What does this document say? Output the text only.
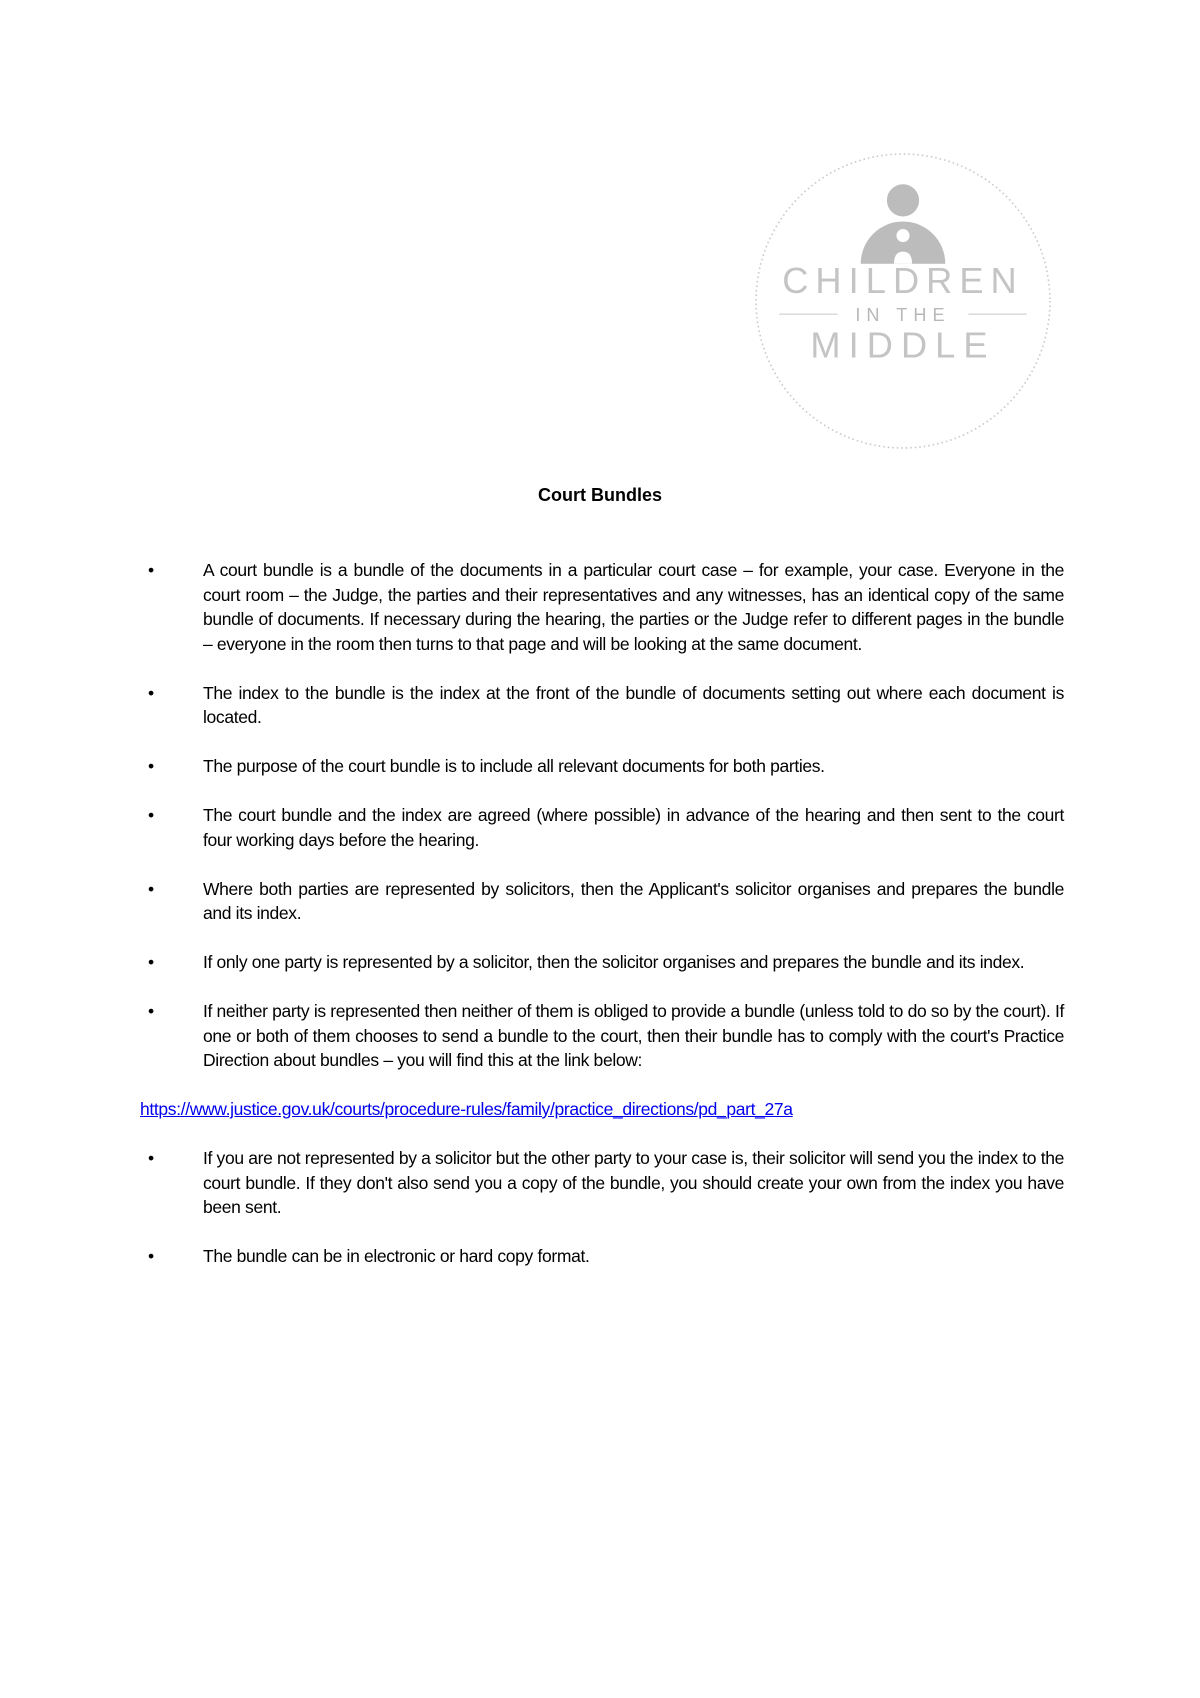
CHILDREN
IN THE
MIDDLE
Court Bundles
•	A court bundle is a bundle of the documents in a particular court case – for example, your case. Everyone in the court room – the Judge, the parties and their representatives and any witnesses, has an identical copy of the same bundle of documents. If necessary during the hearing, the parties or the Judge refer to different pages in the bundle – everyone in the room then turns to that page and will be looking at the same document.
•	The index to the bundle is the index at the front of the bundle of documents setting out where each document is located.
•	The purpose of the court bundle is to include all relevant documents for both parties.
•	The court bundle and the index are agreed (where possible) in advance of the hearing and then sent to the court four working days before the hearing.
•	Where both parties are represented by solicitors, then the Applicant's solicitor organises and prepares the bundle and its index.
•	If only one party is represented by a solicitor, then the solicitor organises and prepares the bundle and its index.
•	If neither party is represented then neither of them is obliged to provide a bundle (unless told to do so by the court). If one or both of them chooses to send a bundle to the court, then their bundle has to comply with the court's Practice Direction about bundles – you will find this at the link below:
https://www.justice.gov.uk/courts/procedure-rules/family/practice_directions/pd_part_27a
•	If you are not represented by a solicitor but the other party to your case is, their solicitor will send you the index to the court bundle. If they don't also send you a copy of the bundle, you should create your own from the index you have been sent.
•	The bundle can be in electronic or hard copy format.
